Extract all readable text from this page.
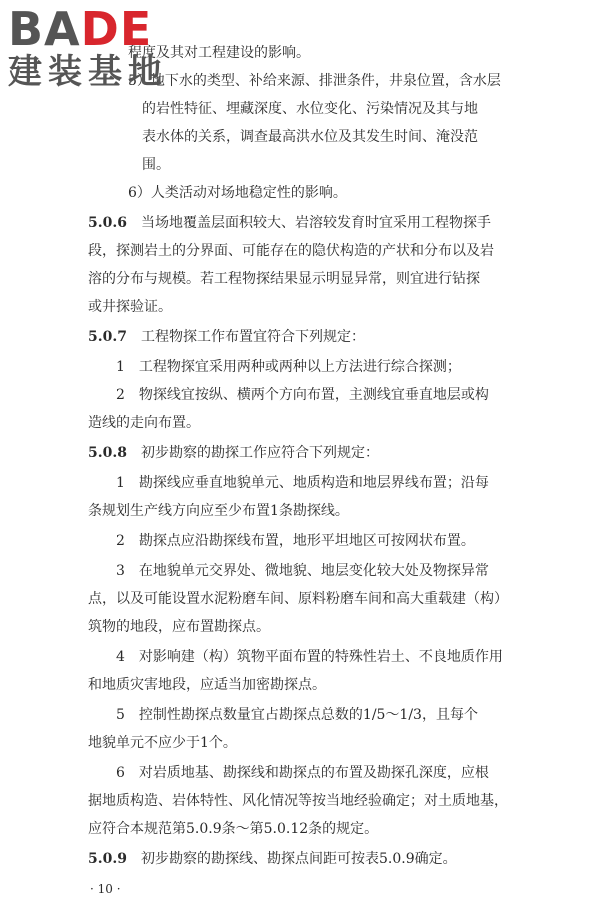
BADE
建装基地
程度及其对工程建设的影响。
5）地下水的类型、补给来源、排泄条件，井泉位置，含水层
的岩性特征、埋藏深度、水位变化、污染情况及其与地
表水体的关系，调查最高洪水位及其发生时间、淹没范
围。
6）人类活动对场地稳定性的影响。
5.0.6　 当场地覆盖层面积较大、岩溶较发育时宜采用工程物探手
段，探测岩土的分界面、可能存在的隐伏构造的产状和分布以及岩
溶的分布与规模。若工程物探结果显示明显异常，则宜进行钻探
或井探验证。
5.0.7　 工程物探工作布置宜符合下列规定：
1　工程物探宜采用两种或两种以上方法进行综合探测；
2　物探线宜按纵、横两个方向布置，主测线宜垂直地层或构
造线的走向布置。
5.0.8　 初步勘察的勘探工作应符合下列规定：
1　勘探线应垂直地貌单元、地质构造和地层界线布置；沿每
条规划生产线方向应至少布置1条勘探线。
2　勘探点应沿勘探线布置，地形平坦地区可按网状布置。
3　在地貌单元交界处、微地貌、地层变化较大处及物探异常
点，以及可能设置水泥粉磨车间、原料粉磨车间和高大重载建（构）
筑物的地段，应布置勘探点。
4　对影响建（构）筑物平面布置的特殊性岩土、不良地质作用
和地质灾害地段，应适当加密勘探点。
5　控制性勘探点数量宜占勘探点总数的1/5～1/3，且每个
地貌单元不应少于1个。
6　对岩质地基、勘探线和勘探点的布置及勘探孔深度，应根
据地质构造、岩体特性、风化情况等按当地经验确定；对土质地基，
应符合本规范第5.0.9条～第5.0.12条的规定。
5.0.9　 初步勘察的勘探线、勘探点间距可按表5.0.9确定。
· 10 ·
